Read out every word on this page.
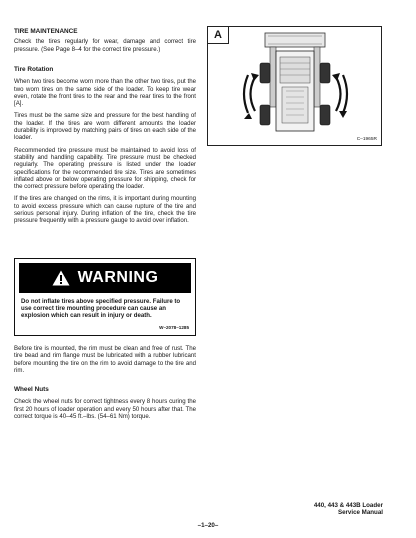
TIRE MAINTENANCE

Check the tires regularly for wear, damage and correct tire pressure. (See Page 8–4 for the correct tire pressure.)

Tire Rotation

When two tires become worn more than the other two tires, put the two worn tires on the same side of the loader. To keep tire wear even, rotate the front tires to the rear and the rear tires to the front [A].

Tires must be the same size and pressure for the best handling of the loader. If the tires are worn different amounts the loader durability is improved by matching pairs of tires on each side of the loader.

Recommended tire pressure must be maintained to avoid loss of stability and handling capability. Tire pressure must be checked regularly. The operating pressure is listed under the loader specifications for the recommended tire size. Tires are sometimes inflated above or below operating pressure for shipping, check for the correct pressure before operating the loader.

If the tires are changed on the rims, it is important during mounting to avoid excess pressure which can cause rupture of the tire and serious personal injury. During inflation of the tire, check the tire pressure frequently with a pressure gauge to avoid over inflation.

WARNING
Do not inflate tires above specified pressure. Failure to use correct tire mounting procedure can cause an explosion which can result in injury or death.
W–2078–1285

Before tire is mounted, the rim must be clean and free of rust. The tire bead and rim flange must be lubricated with a rubber lubricant before mounting the tire on the rim to avoid damage to the tire and rim.

Wheel Nuts

Check the wheel nuts for correct tightness every 8 hours curing the first 20 hours of loader operation and every 50 hours after that. The correct torque is 40–45 ft.–lbs. (54–61 Nm) torque.

A
C–1965R
440, 443 & 443B Loader
Service Manual
–1–20–
